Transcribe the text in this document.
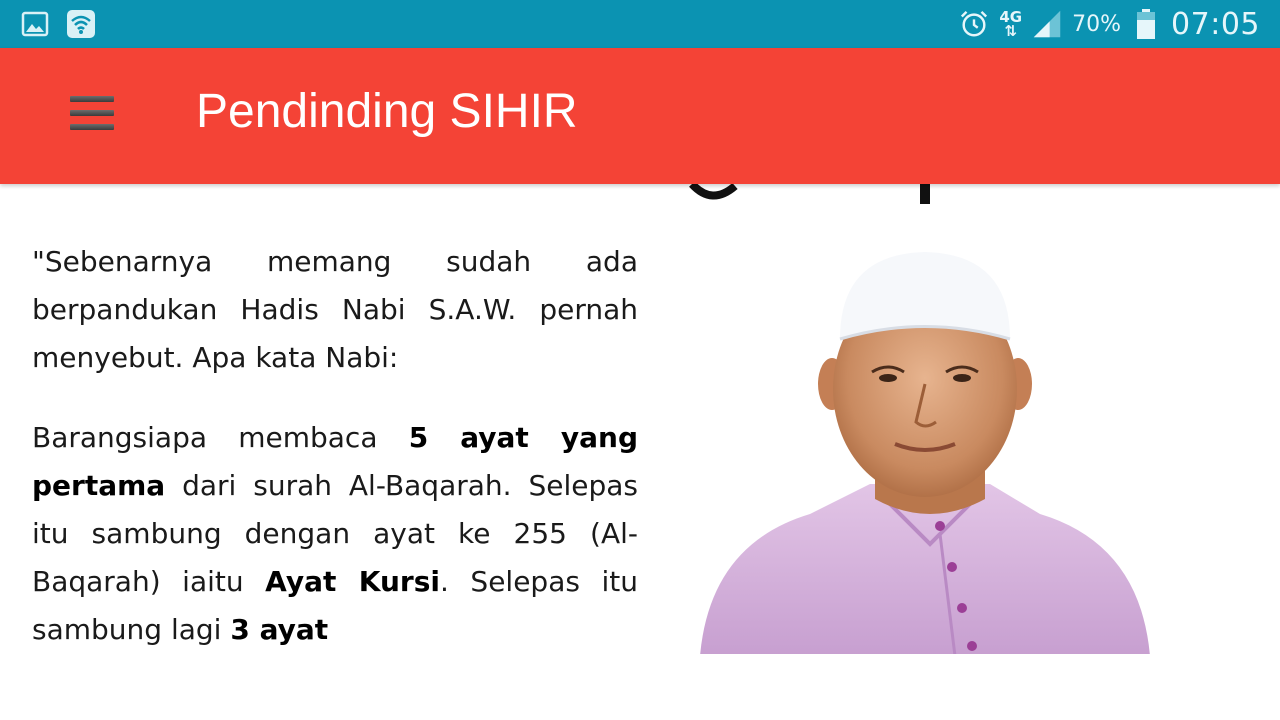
4G
⇅	70% 07:05
Pendinding SIHIR

"Sebenarnya memang sudah ada berpandukan Hadis Nabi S.A.W. pernah menyebut. Apa kata Nabi:

Barangsiapa membaca 5 ayat yang pertama dari surah Al-Baqarah. Selepas itu sambung dengan ayat ke 255 (Al-Baqarah) iaitu Ayat Kursi. Selepas itu sambung lagi 3 ayat
